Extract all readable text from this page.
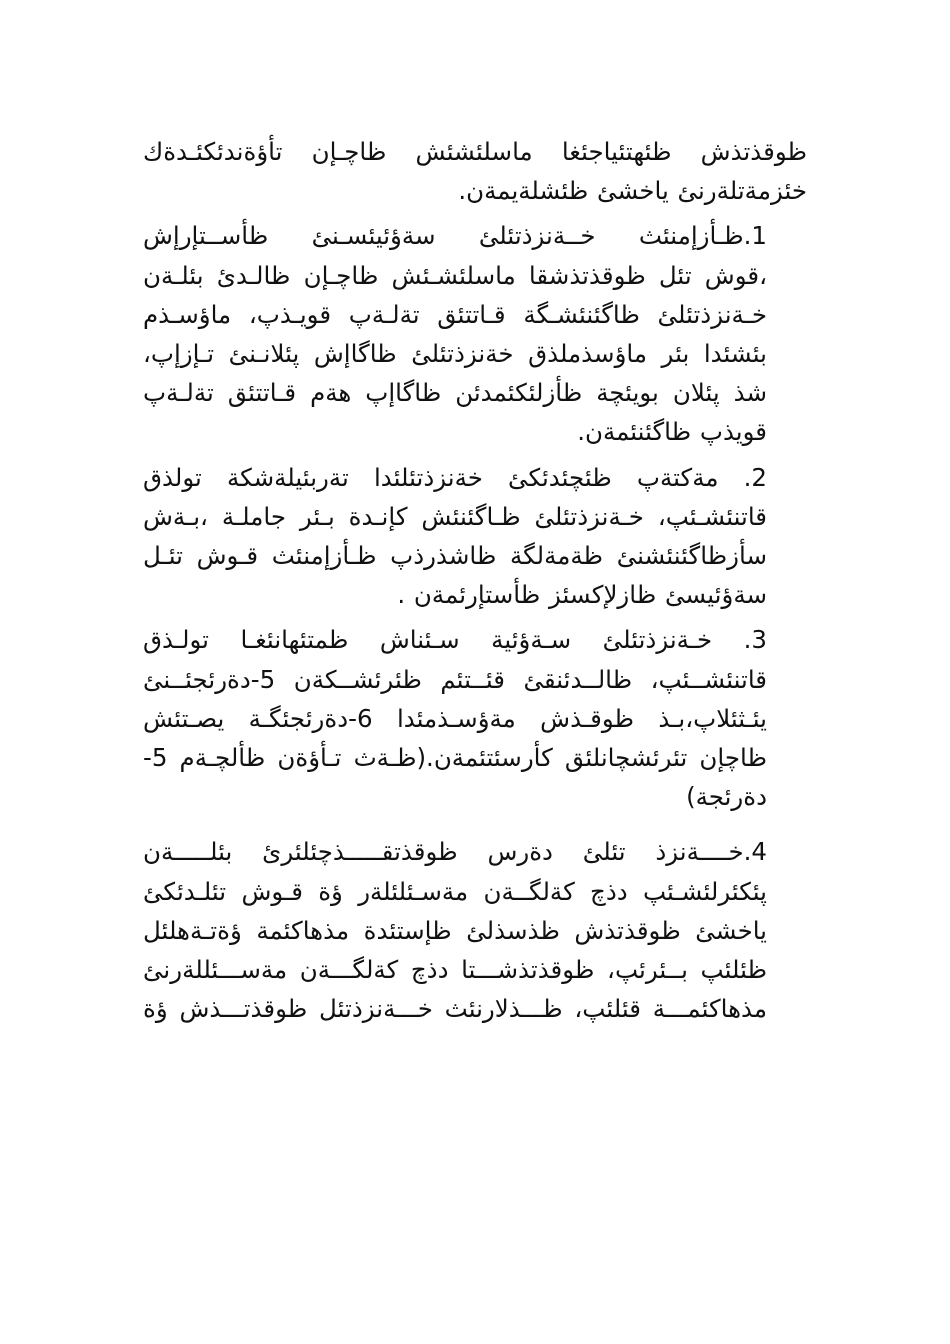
ظوقذتذش ظئهتئياجئغا ماسلئشئش ظاچـإن تأؤةندئكئـدةك
خئزمةتلةرنئ ياخشئ ظئشلةيمةن.

1.ظـأزإمنئث خــةنزذتئلئ سةؤئيئسـنئ ظأســتإرإش
،قوش تئل ظوقذتذشقا ماسلئشـئش ظاچـإن ظالـدئ بئلـةن
خـةنزذتئلئ ظاگئنئشـگة قـاتتئق تةلـةپ قويـذپ، ماؤسـذم
بئشئدا بئر ماؤسذملذق خةنزذتئلئ ظاگاإش پئلانـنئ تـإزإپ،
شذ پئلان بويئچة ظأزلئكئمدئن ظاگاإپ هةم قـاتتئق تةلـةپ
قويذپ ظاگئنئمةن.

2. مةكتةپ ظئچئدئكئ خةنزذتئلئدا تةربئيلةشكة تولذق
قاتنئشـئپ، خـةنزذتئلئ ظـاگئنئش كإنـدة بـئر جاملـة ،بـةش
سأزظاگئنئشنئ ظةمةلگة ظاشذرذپ ظـأزإمنئث قـوش تئـل
سةؤئيسئ ظازلإكسئز ظأستإرئمةن .

3. خـةنزذتئلئ سـةؤئية سـئناش ظمتئهانئغـا تولـذق
قاتنئشــئپ، ظالــدئنقئ قئــتئم ظئرئشــكةن 5-دةرئجئــنئ
يئـثئلاپ،بـذ ظوقـذش مةؤسـذمئدا 6-دةرئجئگـة يصـتئش
ظاچإن تئرئشچانلئق كأرسئتئمةن.(ظـةث تـأؤةن ظألچـةم 5-
دةرئجة)

4.خــــةنزذ تئلئ دةرس ظوقذتقـــــذچئلئرئ بئلـــــةن
پئكئرلئشـئپ دذچ كةلگــةن مةسـئلئلةر ؤة قـوش تئلـدئكئ
ياخشئ ظوقذتذش ظذسذلئ ظإستئدة مذهاكئمة ؤةتـةهلئل
ظئلئپ بــئرئپ، ظوقذتذشـــتا دذچ كةلگـــةن مةســـئللةرنئ
مذهاكئمـــة قئلئپ، ظـــذلارنئث خـــةنزذتئل ظوقذتـــذش ؤة
